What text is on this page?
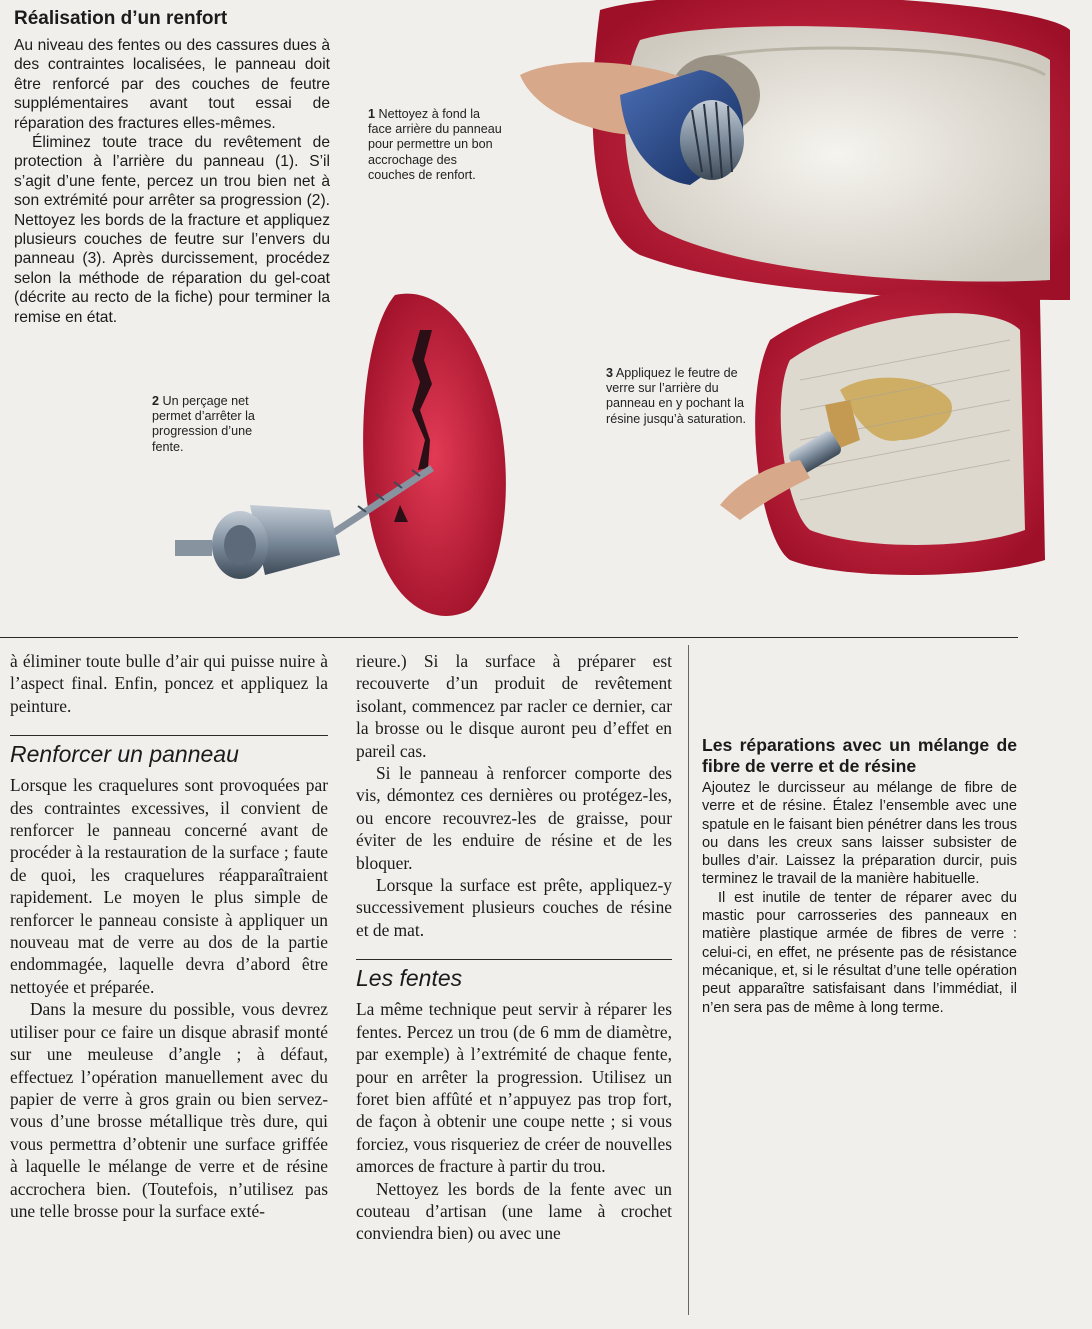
Réalisation d’un renfort

Au niveau des fentes ou des cassures dues à des contraintes localisées, le panneau doit être renforcé par des couches de feutre supplémentaires avant tout essai de réparation des fractures elles-mêmes.

Éliminez toute trace du revêtement de protection à l’arrière du panneau (1). S’il s’agit d’une fente, percez un trou bien net à son extrémité pour arrêter sa progression (2). Nettoyez les bords de la fracture et appliquez plusieurs couches de feutre sur l’envers du panneau (3). Après durcissement, procédez selon la méthode de réparation du gel-coat (décrite au recto de la fiche) pour terminer la remise en état.

1 Nettoyez à fond la face arrière du panneau pour permettre un bon accrochage des couches de renfort.
2 Un perçage net permet d’arrêter la progression d’une fente.
3 Appliquez le feutre de verre sur l’arrière du panneau en y pochant la résine jusqu’à saturation.

à éliminer toute bulle d’air qui puisse nuire à l’aspect final. Enfin, poncez et appliquez la peinture.

Renforcer un panneau

Lorsque les craquelures sont provoquées par des contraintes excessives, il convient de renforcer le panneau concerné avant de procéder à la restauration de la surface ; faute de quoi, les craquelures réapparaîtraient rapidement. Le moyen le plus simple de renforcer le panneau consiste à appliquer un nouveau mat de verre au dos de la partie endommagée, laquelle devra d’abord être nettoyée et préparée.

Dans la mesure du possible, vous devrez utiliser pour ce faire un disque abrasif monté sur une meuleuse d’angle ; à défaut, effectuez l’opération manuellement avec du papier de verre à gros grain ou bien servez-vous d’une brosse métallique très dure, qui vous permettra d’obtenir une surface griffée à laquelle le mélange de verre et de résine accrochera bien. (Toutefois, n’utilisez pas une telle brosse pour la surface exté-

rieure.) Si la surface à préparer est recouverte d’un produit de revêtement isolant, commencez par racler ce dernier, car la brosse ou le disque auront peu d’effet en pareil cas.

Si le panneau à renforcer comporte des vis, démontez ces dernières ou protégez-les, ou encore recouvrez-les de graisse, pour éviter de les enduire de résine et de les bloquer.

Lorsque la surface est prête, appliquez-y successivement plusieurs couches de résine et de mat.

Les fentes

La même technique peut servir à réparer les fentes. Percez un trou (de 6 mm de diamètre, par exemple) à l’extrémité de chaque fente, pour en arrêter la progression. Utilisez un foret bien affûté et n’appuyez pas trop fort, de façon à obtenir une coupe nette ; si vous forciez, vous risqueriez de créer de nouvelles amorces de fracture à partir du trou.

Nettoyez les bords de la fente avec un couteau d’artisan (une lame à crochet conviendra bien) ou avec une

Les réparations avec un mélange de fibre de verre et de résine

Ajoutez le durcisseur au mélange de fibre de verre et de résine. Étalez l’ensemble avec une spatule en le faisant bien pénétrer dans les trous ou dans les creux sans laisser subsister de bulles d’air. Laissez la préparation durcir, puis terminez le travail de la manière habituelle.

Il est inutile de tenter de réparer avec du mastic pour carrosseries des panneaux en matière plastique armée de fibres de verre : celui-ci, en effet, ne présente pas de résistance mécanique, et, si le résultat d’une telle opération peut apparaître satisfaisant dans l’immédiat, il n’en sera pas de même à long terme.
